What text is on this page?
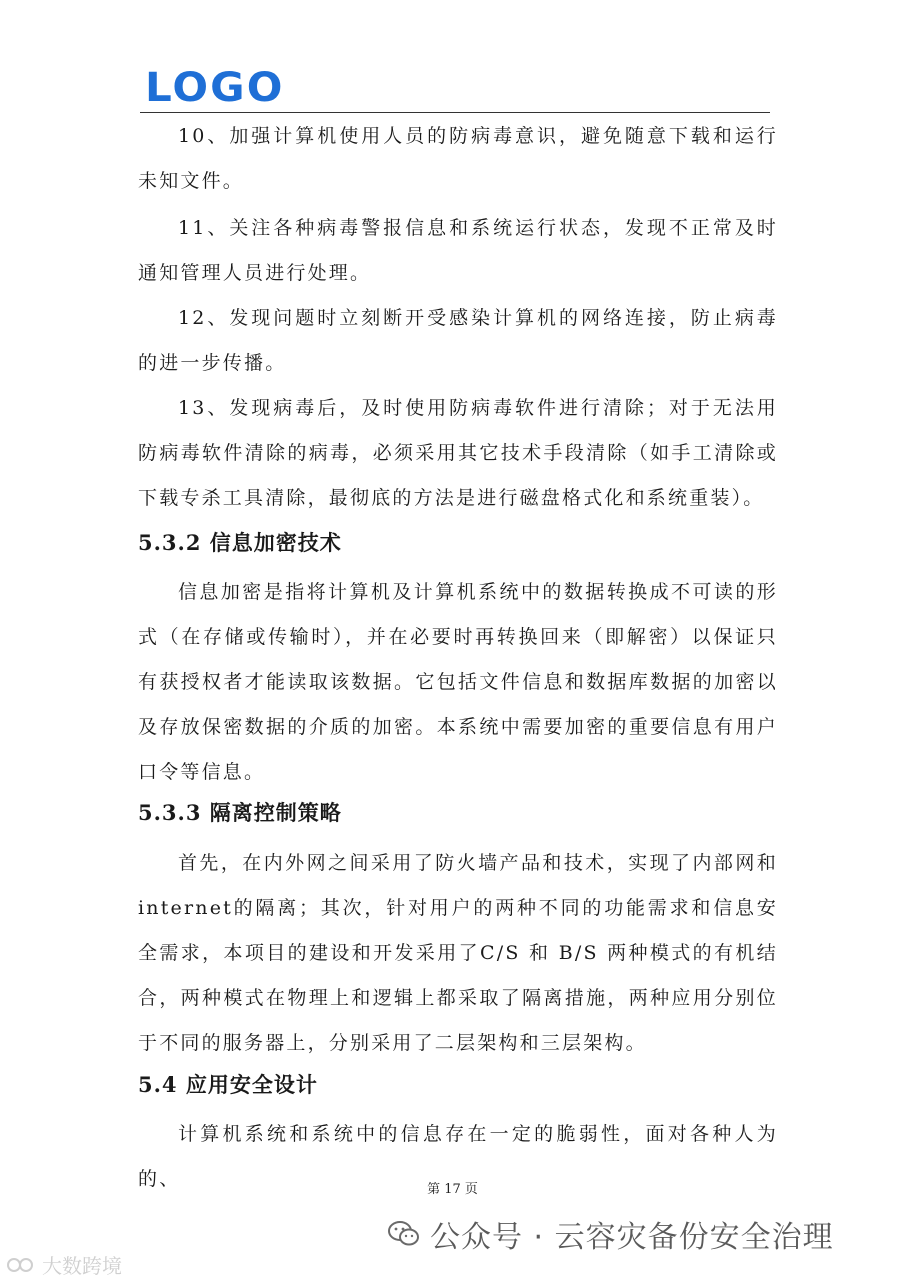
LOGO

10、加强计算机使用人员的防病毒意识，避免随意下载和运行未知文件。

11、关注各种病毒警报信息和系统运行状态，发现不正常及时通知管理人员进行处理。

12、发现问题时立刻断开受感染计算机的网络连接，防止病毒的进一步传播。

13、发现病毒后，及时使用防病毒软件进行清除；对于无法用防病毒软件清除的病毒，必须采用其它技术手段清除（如手工清除或下载专杀工具清除，最彻底的方法是进行磁盘格式化和系统重装）。

5.3.2 信息加密技术

信息加密是指将计算机及计算机系统中的数据转换成不可读的形式（在存储或传输时），并在必要时再转换回来（即解密）以保证只有获授权者才能读取该数据。它包括文件信息和数据库数据的加密以及存放保密数据的介质的加密。本系统中需要加密的重要信息有用户口令等信息。

5.3.3 隔离控制策略

首先，在内外网之间采用了防火墙产品和技术，实现了内部网和internet的隔离；其次，针对用户的两种不同的功能需求和信息安全需求，本项目的建设和开发采用了C/S 和 B/S 两种模式的有机结合，两种模式在物理上和逻辑上都采取了隔离措施，两种应用分别位于不同的服务器上，分别采用了二层架构和三层架构。

5.4 应用安全设计

计算机系统和系统中的信息存在一定的脆弱性，面对各种人为的、	第 17 页
公众号 · 云容灾备份安全治理
大数跨境
